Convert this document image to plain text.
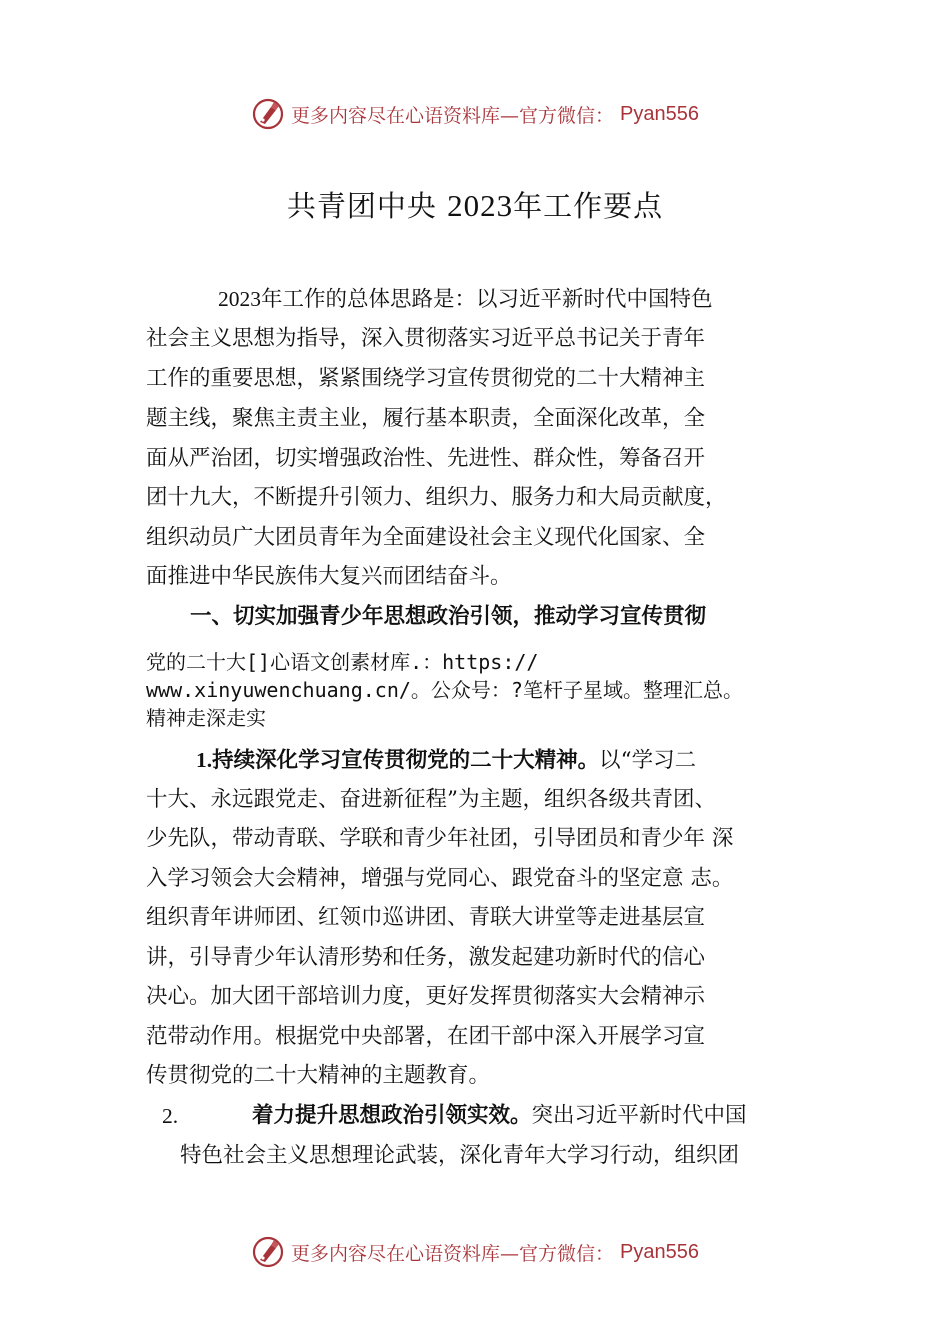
更多内容尽在心语资料库—官方微信： Pyan556
共青团中央 2023年工作要点
2023年工作的总体思路是：以习近平新时代中国特色
社会主义思想为指导，深入贯彻落实习近平总书记关于青年
工作的重要思想，紧紧围绕学习宣传贯彻党的二十大精神主
题主线，聚焦主责主业，履行基本职责，全面深化改革，全
面从严治团，切实增强政治性、先进性、群众性，筹备召开
团十九大，不断提升引领力、组织力、服务力和大局贡献度，
组织动员广大团员青年为全面建设社会主义现代化国家、全
面推进中华民族伟大复兴而团结奋斗。
一、切实加强青少年思想政治引领，推动学习宣传贯彻
党的二十大[]心语文创素材库.：https://
www.xinyuwenchuang.cn/。公众号：?笔杆子星域。整理汇总。
精神走深走实
1.持续深化学习宣传贯彻党的二十大精神。以“学习二
十大、永远跟党走、奋进新征程”为主题，组织各级共青团、
少先队，带动青联、学联和青少年社团，引导团员和青少年 深
入学习领会大会精神，增强与党同心、跟党奋斗的坚定意 志。
组织青年讲师团、红领巾巡讲团、青联大讲堂等走进基层宣
讲，引导青少年认清形势和任务，激发起建功新时代的信心
决心。加大团干部培训力度，更好发挥贯彻落实大会精神示
范带动作用。根据党中央部署，在团干部中深入开展学习宣
传贯彻党的二十大精神的主题教育。
2.	着力提升思想政治引领实效。突出习近平新时代中国
特色社会主义思想理论武装，深化青年大学习行动，组织团
更多内容尽在心语资料库—官方微信： Pyan556
